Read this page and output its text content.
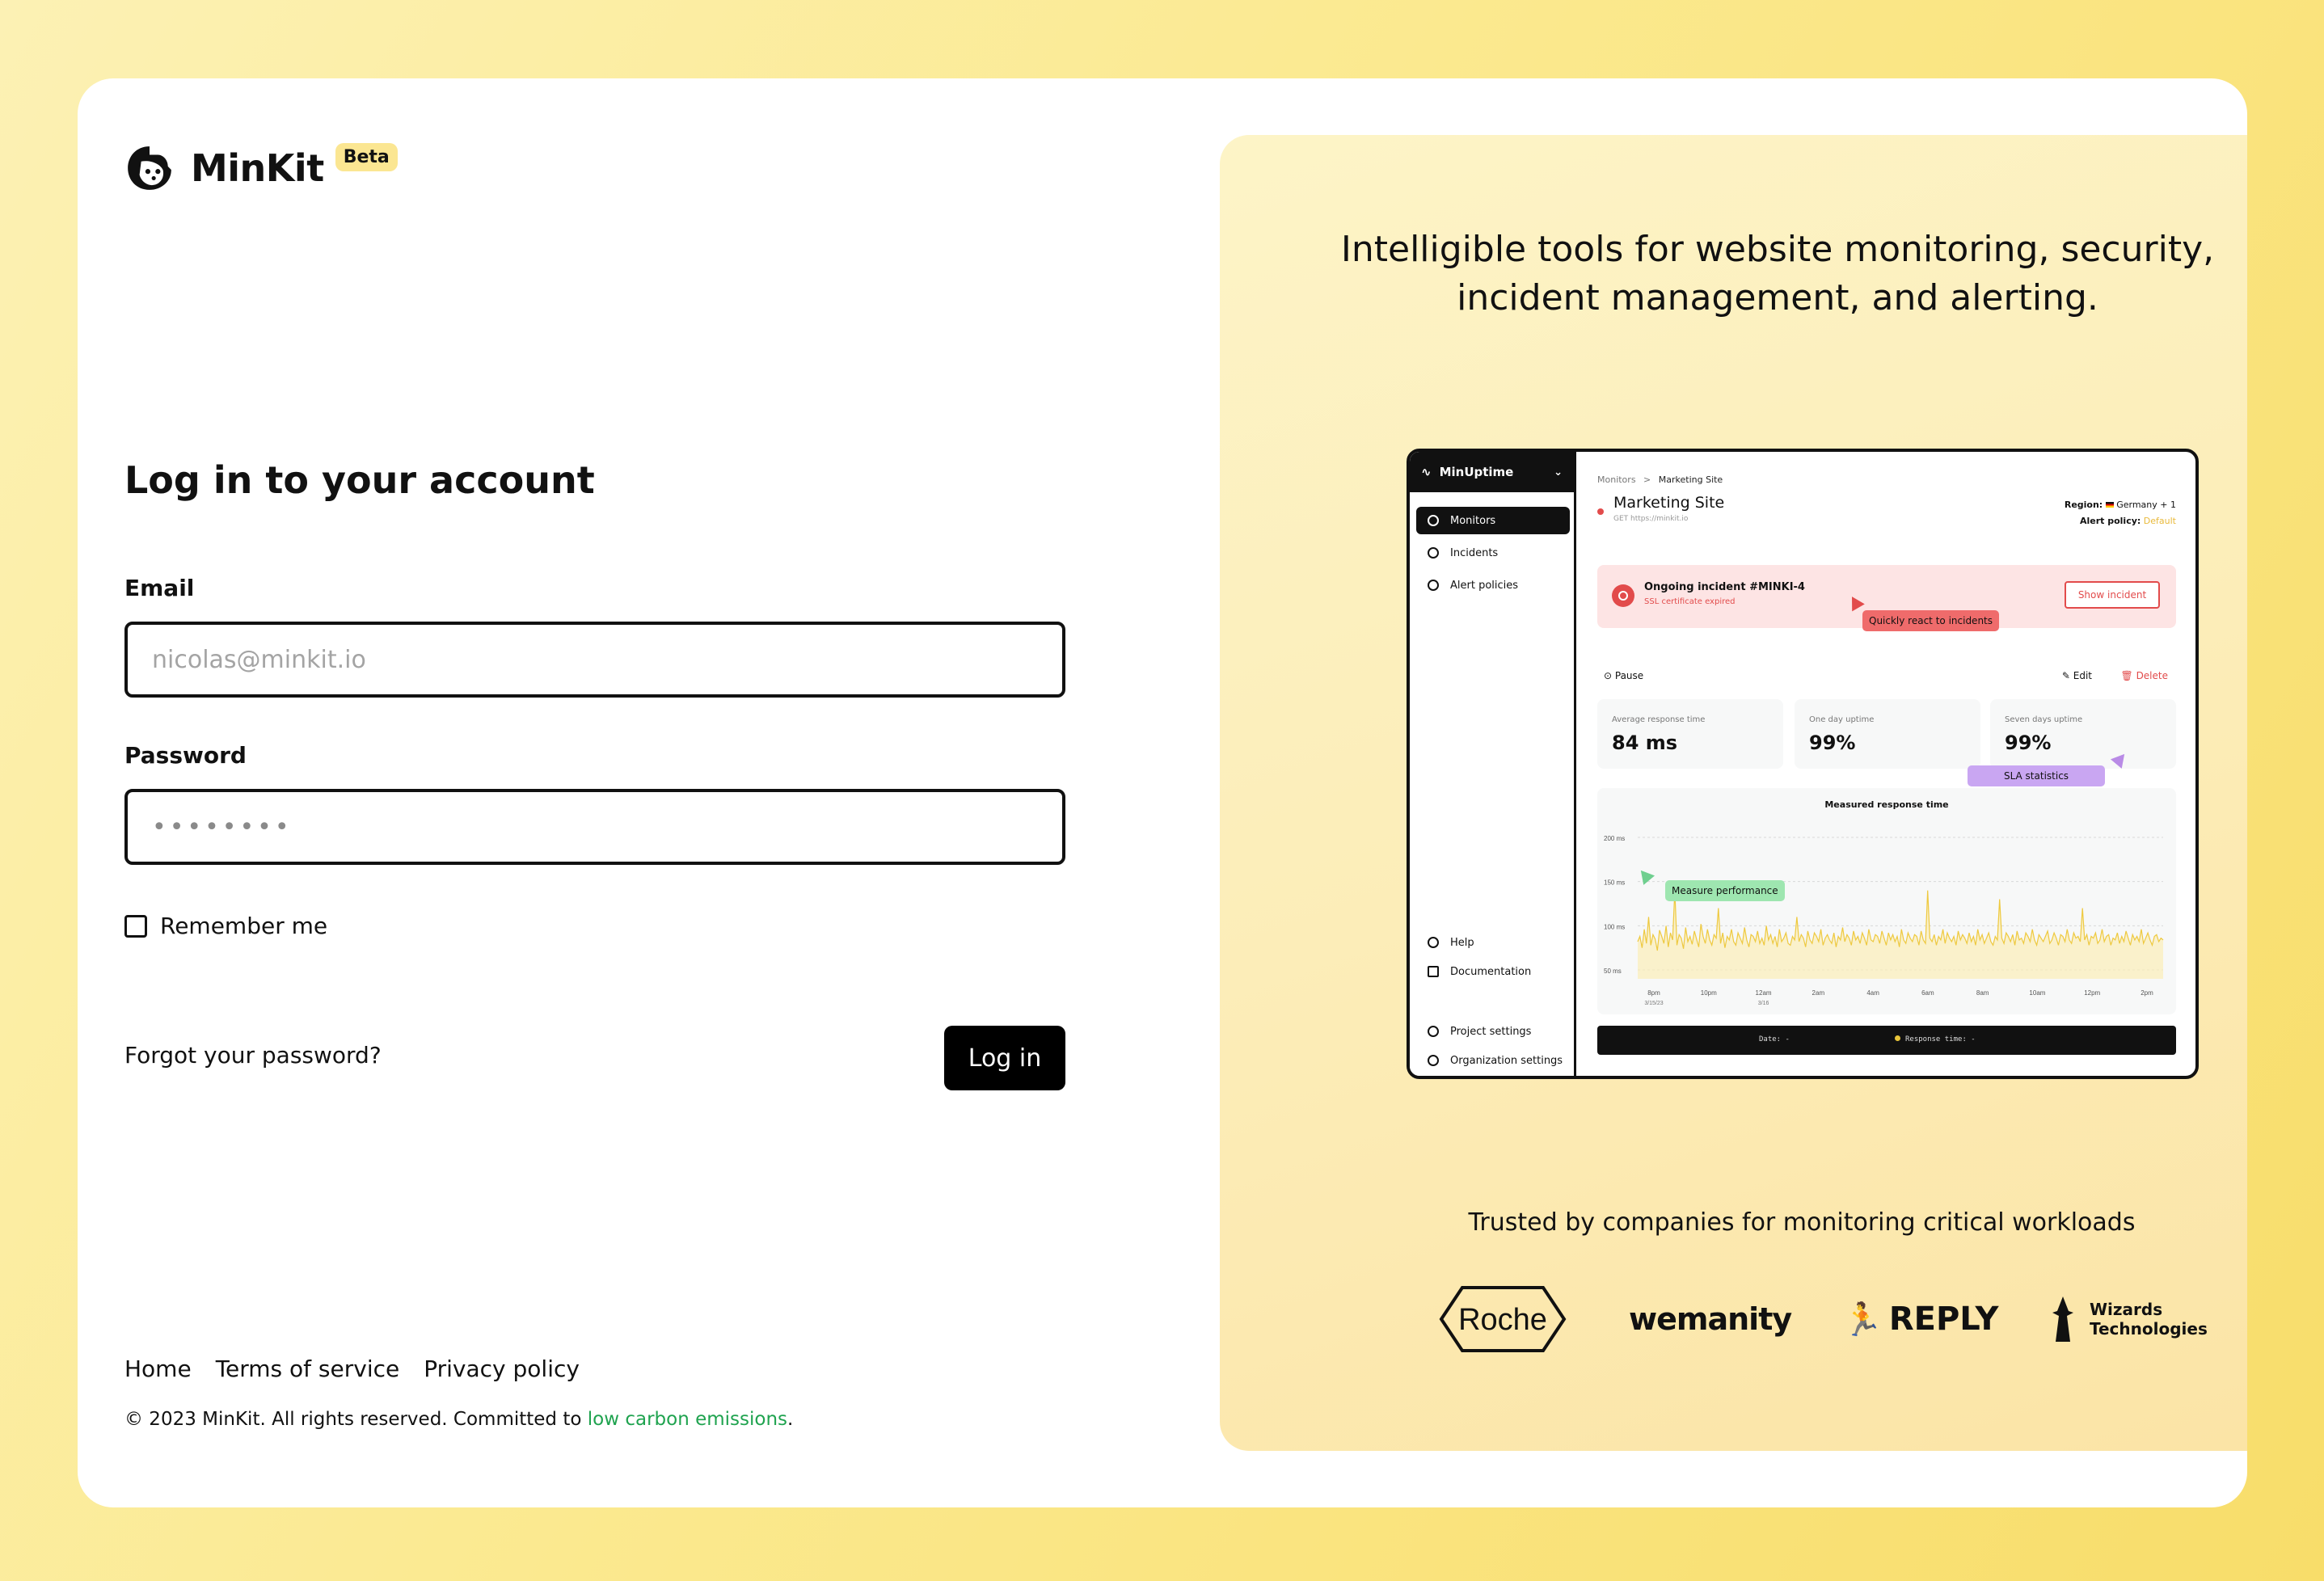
MinKit	Beta
Log in to your account
Email
nicolas@minkit.io
Password
••••••••
Remember me
Forgot your password?	Log in
Home Terms of service Privacy policy
© 2023 MinKit. All rights reserved. Committed to low carbon emissions.
Intelligible tools for website monitoring, security, incident management, and alerting.
∿ MinUptime	⌄
Monitors
Incidents
Alert policies
Help
Documentation
Project settings
Organization settings
Monitors > Marketing Site
Marketing Site
GET https://minkit.io
Region: Germany + 1
Alert policy: Default
Ongoing incident #MINKI-4
SSL certificate expired
Show incident
Quickly react to incidents
⊙ Pause	✎ Edit	🗑 Delete
Average response time
84 ms
One day uptime
99%
Seven days uptime
99%
SLA statistics
Measured response time
200 ms
150 ms
100 ms
50 ms
8pm
3/15/23
10pm	12am
3/16
2am	4am	6am	8am	10am	12pm	2pm
Measure performance
Date: -	Response time: -
Trusted by companies for monitoring critical workloads
Roche	wemanity 🏃 REPLY	Wizards
Technologies
